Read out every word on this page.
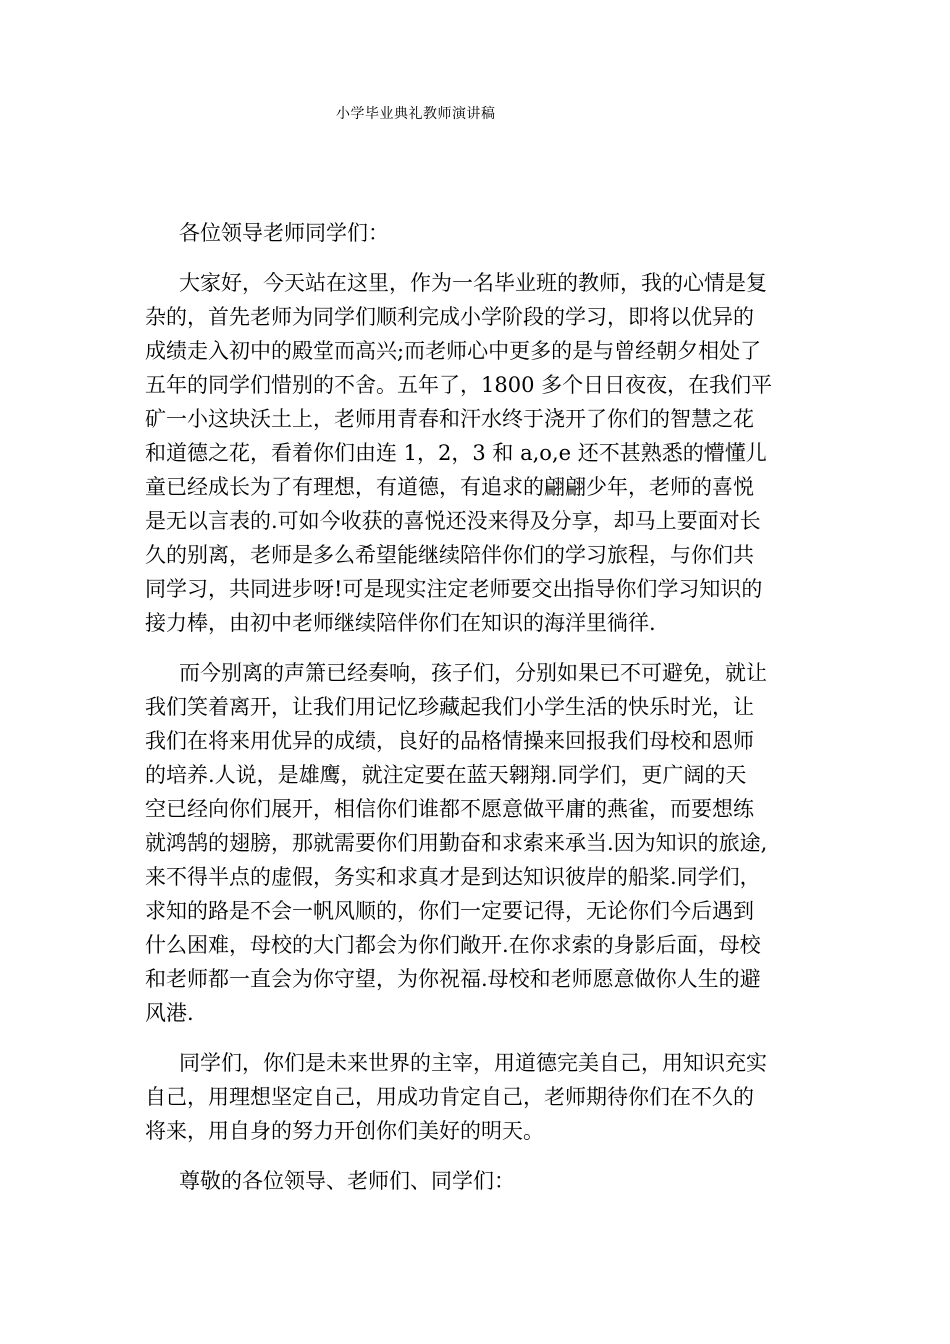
小学毕业典礼教师演讲稿
各位领导老师同学们：
大家好，今天站在这里，作为一名毕业班的教师，我的心情是复
杂的，首先老师为同学们顺利完成小学阶段的学习，即将以优异的
成绩走入初中的殿堂而高兴;而老师心中更多的是与曾经朝夕相处了
五年的同学们惜别的不舍。五年了，1800 多个日日夜夜，在我们平
矿一小这块沃土上，老师用青春和汗水终于浇开了你们的智慧之花
和道德之花，看着你们由连 1，2，3 和 a,o,e 还不甚熟悉的懵懂儿
童已经成长为了有理想，有道德，有追求的翩翩少年，老师的喜悦
是无以言表的.可如今收获的喜悦还没来得及分享，却马上要面对长
久的别离，老师是多么希望能继续陪伴你们的学习旅程，与你们共
同学习，共同进步呀!可是现实注定老师要交出指导你们学习知识的
接力棒，由初中老师继续陪伴你们在知识的海洋里徜徉.
而今别离的声箫已经奏响，孩子们，分别如果已不可避免，就让
我们笑着离开，让我们用记忆珍藏起我们小学生活的快乐时光，让
我们在将来用优异的成绩，良好的品格情操来回报我们母校和恩师
的培养.人说，是雄鹰，就注定要在蓝天翱翔.同学们，更广阔的天
空已经向你们展开，相信你们谁都不愿意做平庸的燕雀，而要想练
就鸿鹄的翅膀，那就需要你们用勤奋和求索来承当.因为知识的旅途,
来不得半点的虚假，务实和求真才是到达知识彼岸的船桨.同学们，
求知的路是不会一帆风顺的，你们一定要记得，无论你们今后遇到
什么困难，母校的大门都会为你们敞开.在你求索的身影后面，母校
和老师都一直会为你守望，为你祝福.母校和老师愿意做你人生的避
风港.
同学们，你们是未来世界的主宰，用道德完美自己，用知识充实
自己，用理想坚定自己，用成功肯定自己，老师期待你们在不久的
将来，用自身的努力开创你们美好的明天。
尊敬的各位领导、老师们、同学们：
